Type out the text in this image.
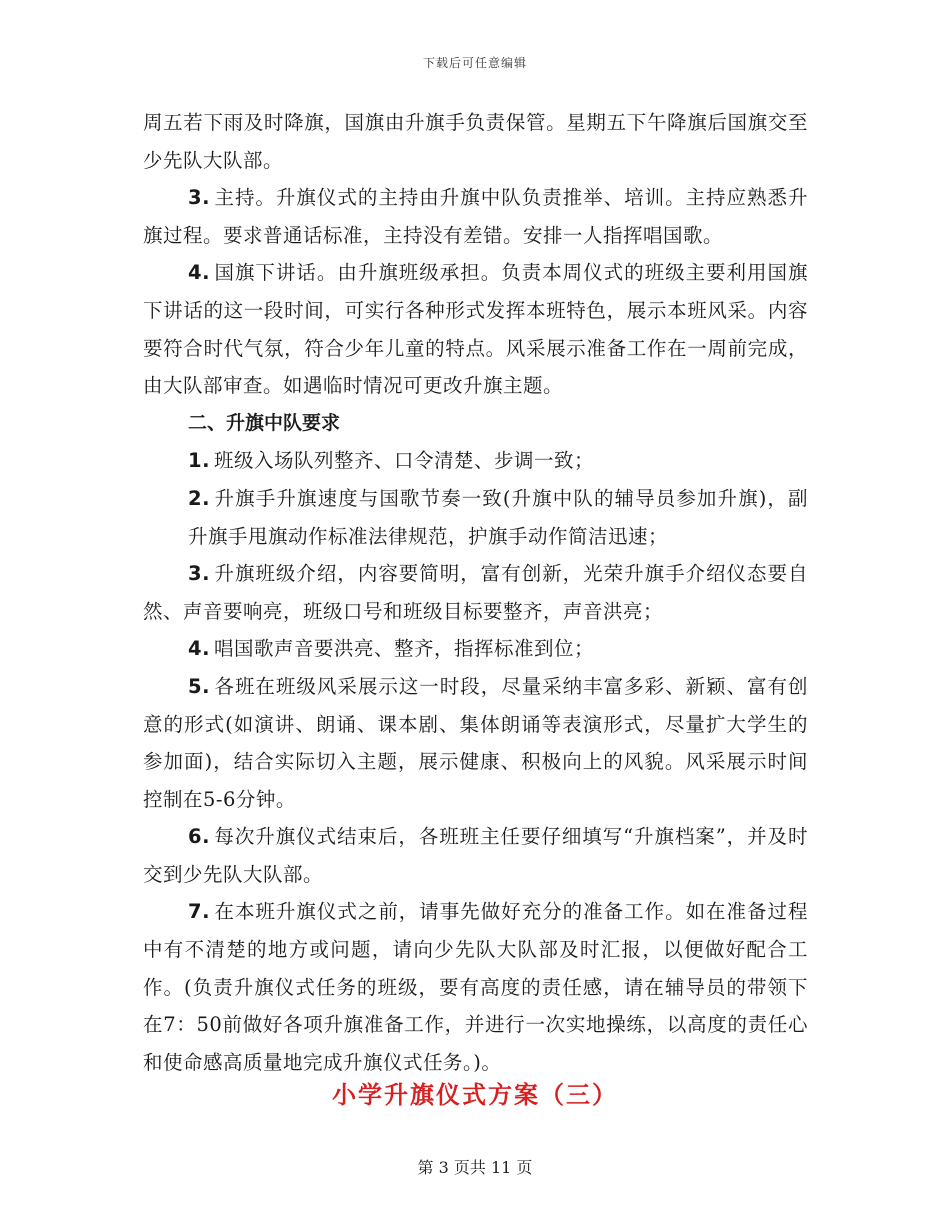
下载后可任意编辑

周五若下雨及时降旗，国旗由升旗手负责保管。星期五下午降旗后国旗交至少先队大队部。

3. 主持。升旗仪式的主持由升旗中队负责推举、培训。主持应熟悉升旗过程。要求普通话标准，主持没有差错。安排一人指挥唱国歌。

4. 国旗下讲话。由升旗班级承担。负责本周仪式的班级主要利用国旗下讲话的这一段时间，可实行各种形式发挥本班特色，展示本班风采。内容要符合时代气氛，符合少年儿童的特点。风采展示准备工作在一周前完成，由大队部审查。如遇临时情况可更改升旗主题。

二、升旗中队要求

1. 班级入场队列整齐、口令清楚、步调一致；

2. 升旗手升旗速度与国歌节奏一致(升旗中队的辅导员参加升旗)，副升旗手甩旗动作标准法律规范，护旗手动作简洁迅速；

3. 升旗班级介绍，内容要简明，富有创新，光荣升旗手介绍仪态要自然、声音要响亮，班级口号和班级目标要整齐，声音洪亮；

4. 唱国歌声音要洪亮、整齐，指挥标准到位；

5. 各班在班级风采展示这一时段，尽量采纳丰富多彩、新颖、富有创意的形式(如演讲、朗诵、课本剧、集体朗诵等表演形式，尽量扩大学生的参加面)，结合实际切入主题，展示健康、积极向上的风貌。风采展示时间控制在5-6分钟。

6. 每次升旗仪式结束后，各班班主任要仔细填写“升旗档案”，并及时交到少先队大队部。

7. 在本班升旗仪式之前，请事先做好充分的准备工作。如在准备过程中有不清楚的地方或问题，请向少先队大队部及时汇报，以便做好配合工作。(负责升旗仪式任务的班级，要有高度的责任感，请在辅导员的带领下在7：50前做好各项升旗准备工作，并进行一次实地操练，以高度的责任心和使命感高质量地完成升旗仪式任务。)。

小学升旗仪式方案（三）
第 3 页共 11 页
